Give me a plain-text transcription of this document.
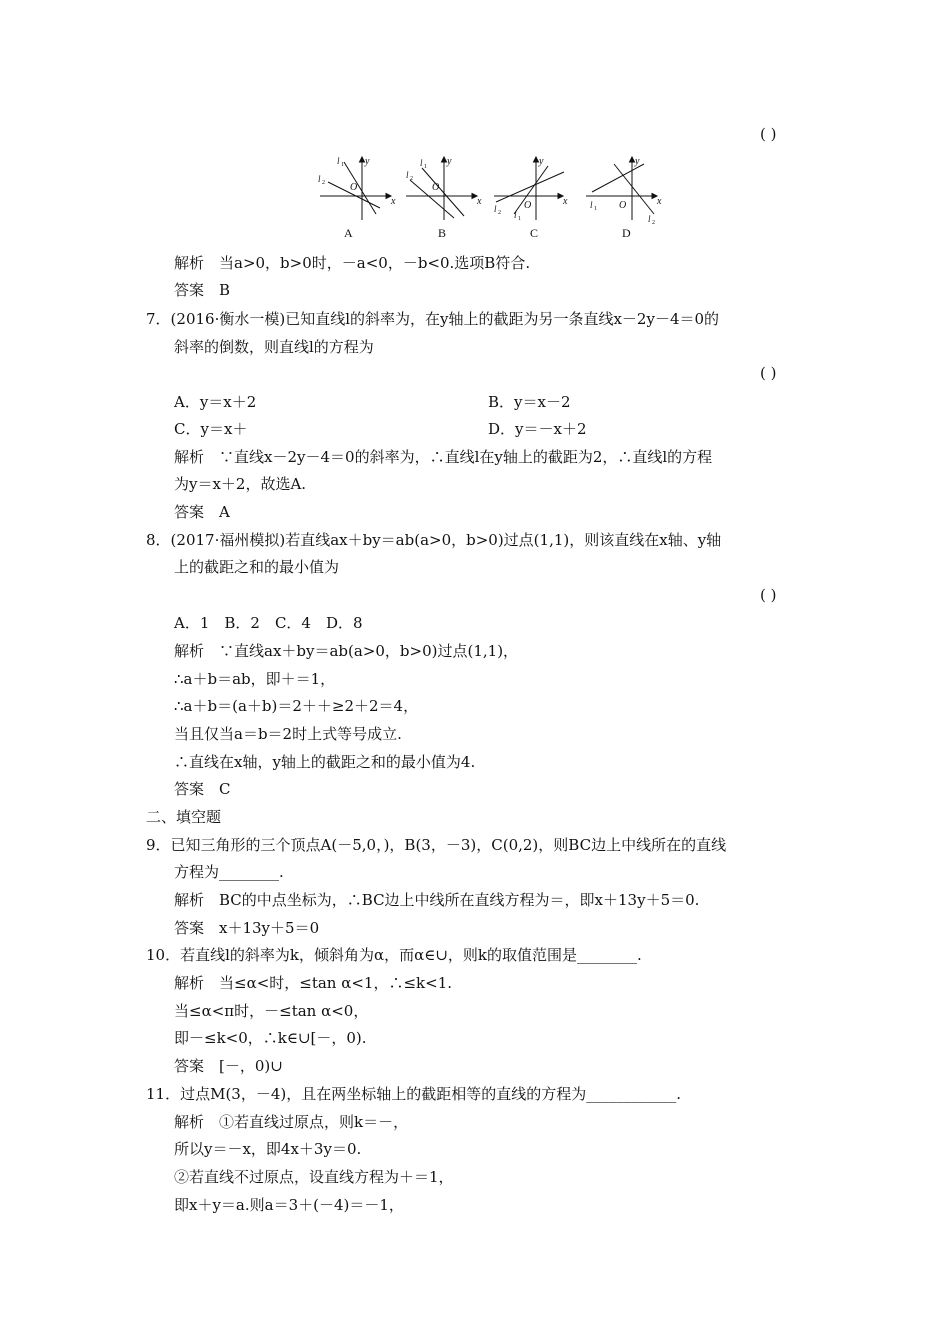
( )
x
y
O
l 1
l 2
x
y
O
l 1
l 2
x
y
O
l 1
l 2
x
y
O
l 1
l 2
A	B	C	D
解析　当a>0，b>0时，－a<0，－b<0.选项B符合.
答案　B
7．(2016·衡水一模)已知直线l的斜率为，在y轴上的截距为另一条直线x－2y－4＝0的
斜率的倒数，则直线l的方程为
( )
A．y＝x＋2	B．y＝x－2
C．y＝x＋	D．y＝－x＋2
解析　∵直线x－2y－4＝0的斜率为，∴直线l在y轴上的截距为2，∴直线l的方程
为y＝x＋2，故选A.
答案　A
8．(2017·福州模拟)若直线ax＋by＝ab(a>0，b>0)过点(1,1)，则该直线在x轴、y轴
上的截距之和的最小值为
( )
A．1　B．2　C．4　D．8
解析　∵直线ax＋by＝ab(a>0，b>0)过点(1,1)，
∴a＋b＝ab，即＋＝1，
∴a＋b＝(a＋b)＝2＋＋≥2＋2＝4，
当且仅当a＝b＝2时上式等号成立.
∴直线在x轴，y轴上的截距之和的最小值为4.
答案　C
二、填空题
9．已知三角形的三个顶点A(－5,0，)，B(3，－3)，C(0,2)，则BC边上中线所在的直线
方程为________.
解析　BC的中点坐标为，∴BC边上中线所在直线方程为＝，即x＋13y＋5＝0.
答案　x＋13y＋5＝0
10．若直线l的斜率为k，倾斜角为α，而α∈∪，则k的取值范围是________.
解析　当≤α<时，≤tan α<1，∴≤k<1.
当≤α<π时，－≤tan α<0，
即－≤k<0，∴k∈∪[－，0).
答案　[－，0)∪
11．过点M(3，－4)，且在两坐标轴上的截距相等的直线的方程为____________.
解析　①若直线过原点，则k＝－，
所以y＝－x，即4x＋3y＝0.
②若直线不过原点，设直线方程为＋＝1，
即x＋y＝a.则a＝3＋(－4)＝－1，
